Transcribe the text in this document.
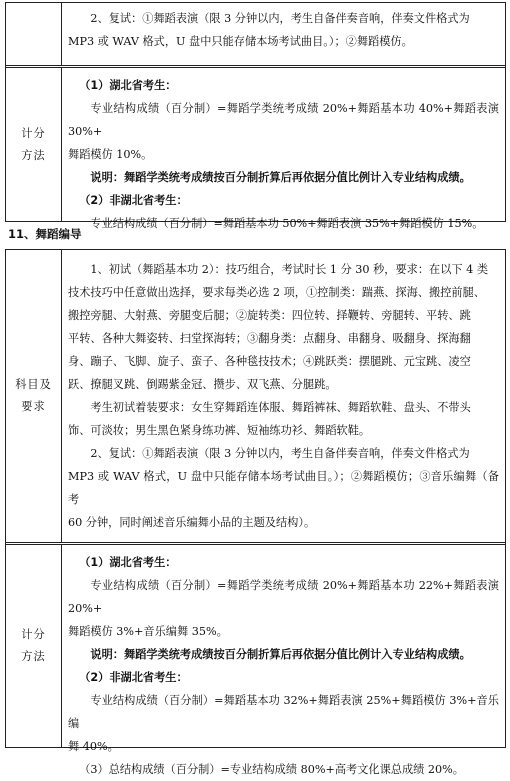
2、复试：①舞蹈表演（限 3 分钟以内，考生自备伴奏音响，伴奏文件格式为

MP3 或 WAV 格式，U 盘中只能存储本场考试曲目。）；②舞蹈模仿。

计分
方法

（1）湖北省考生：

专业结构成绩（百分制）=舞蹈学类统考成绩 20%+舞蹈基本功 40%+舞蹈表演 30%+

舞蹈模仿 10%。

说明：舞蹈学类统考成绩按百分制折算后再依据分值比例计入专业结构成绩。

（2）非湖北省考生：

专业结构成绩（百分制）=舞蹈基本功 50%+舞蹈表演 35%+舞蹈模仿 15%。

11、舞蹈编导
科目及
要求

1、初试（舞蹈基本功 2）：技巧组合，考试时长 1 分 30 秒，要求：在以下 4 类

技术技巧中任意做出选择，要求每类必选 2 项，①控制类：踹燕、探海、搬控前腿、

搬控旁腿、大射燕、旁腿变后腿；②旋转类：四位转、择鞭转、旁腿转、平转、跳

平转、各种大舞姿转、扫堂探海转；③翻身类：点翻身、串翻身、吸翻身、探海翻

身、蹦子、飞脚、旋子、蛮子、各种毯技技术；④跳跃类：摆腿跳、元宝跳、凌空

跃、撩腿叉跳、倒踢紫金冠、攒步、双飞燕、分腿跳。

考生初试着装要求：女生穿舞蹈连体服、舞蹈裤袜、舞蹈软鞋、盘头、不带头

饰、可淡妆；男生黑色紧身练功裤、短袖练功衫、舞蹈软鞋。

2、复试：①舞蹈表演（限 3 分钟以内，考生自备伴奏音响，伴奏文件格式为

MP3 或 WAV 格式，U 盘中只能存储本场考试曲目。）；②舞蹈模仿；③音乐编舞（备考

60 分钟，同时阐述音乐编舞小品的主题及结构）。

计分
方法

（1）湖北省考生：

专业结构成绩（百分制）=舞蹈学类统考成绩 20%+舞蹈基本功 22%+舞蹈表演 20%+

舞蹈模仿 3%+音乐编舞 35%。

说明：舞蹈学类统考成绩按百分制折算后再依据分值比例计入专业结构成绩。

（2）非湖北省考生：

专业结构成绩（百分制）=舞蹈基本功 32%+舞蹈表演 25%+舞蹈模仿 3%+音乐编

舞 40%。

（3）总结构成绩（百分制）=专业结构成绩 80%+高考文化课总成绩 20%。
